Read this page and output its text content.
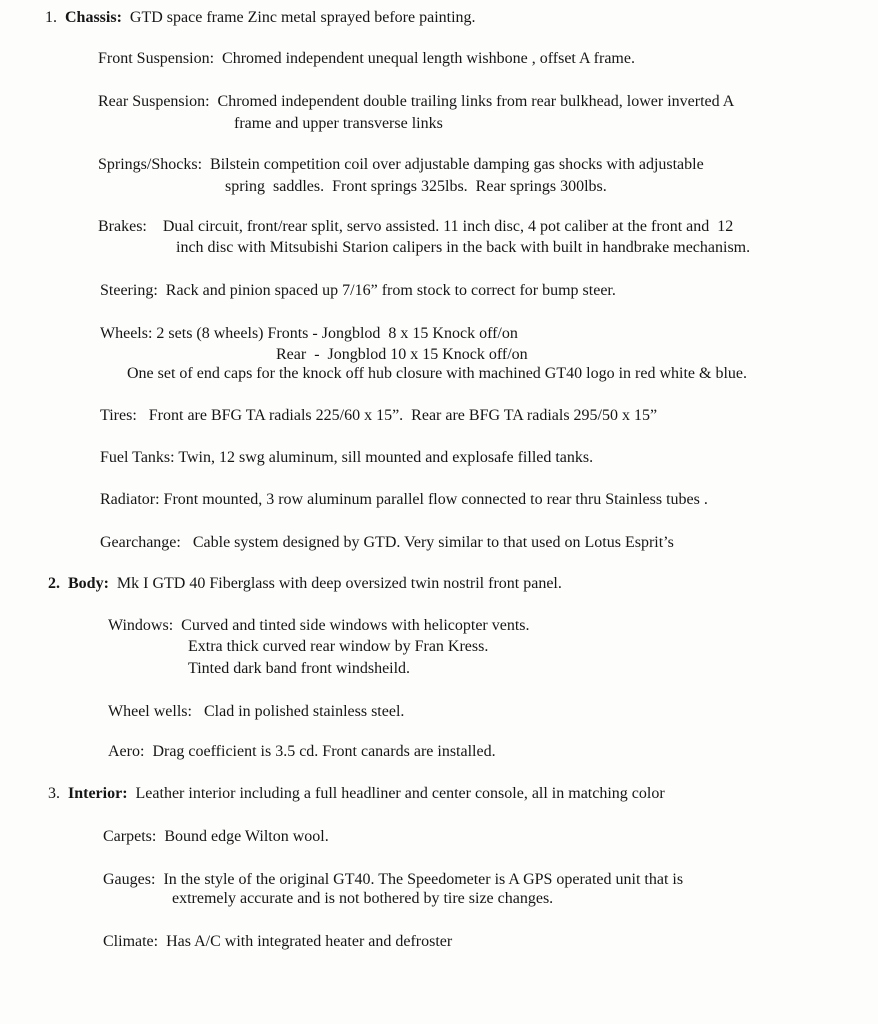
1. Chassis: GTD space frame Zinc metal sprayed before painting.

Front Suspension: Chromed independent unequal length wishbone , offset A frame.

Rear Suspension: Chromed independent double trailing links from rear bulkhead, lower inverted A

frame and upper transverse links

Springs/Shocks: Bilstein competition coil over adjustable damping gas shocks with adjustable

spring  saddles.  Front springs 325lbs.  Rear springs 300lbs.

Brakes: Dual circuit, front/rear split, servo assisted. 11 inch disc, 4 pot caliber at the front and  12

inch disc with Mitsubishi Starion calipers in the back with built in handbrake mechanism.

Steering: Rack and pinion spaced up 7/16” from stock to correct for bump steer.

Wheels: 2 sets (8 wheels) Fronts - Jongblod  8 x 15 Knock off/on

Rear  -  Jongblod 10 x 15 Knock off/on

One set of end caps for the knock off hub closure with machined GT40 logo in red white & blue.

Tires: Front are BFG TA radials 225/60 x 15”.  Rear are BFG TA radials 295/50 x 15”

Fuel Tanks: Twin, 12 swg aluminum, sill mounted and explosafe filled tanks.

Radiator: Front mounted, 3 row aluminum parallel flow connected to rear thru Stainless tubes .

Gearchange: Cable system designed by GTD. Very similar to that used on Lotus Esprit’s

2. Body: Mk I GTD 40 Fiberglass with deep oversized twin nostril front panel.

Windows: Curved and tinted side windows with helicopter vents.

Extra thick curved rear window by Fran Kress.

Tinted dark band front windsheild.

Wheel wells: Clad in polished stainless steel.

Aero: Drag coefficient is 3.5 cd. Front canards are installed.

3. Interior: Leather interior including a full headliner and center console, all in matching color

Carpets: Bound edge Wilton wool.

Gauges: In the style of the original GT40. The Speedometer is A GPS operated unit that is

extremely accurate and is not bothered by tire size changes.

Climate: Has A/C with integrated heater and defroster
